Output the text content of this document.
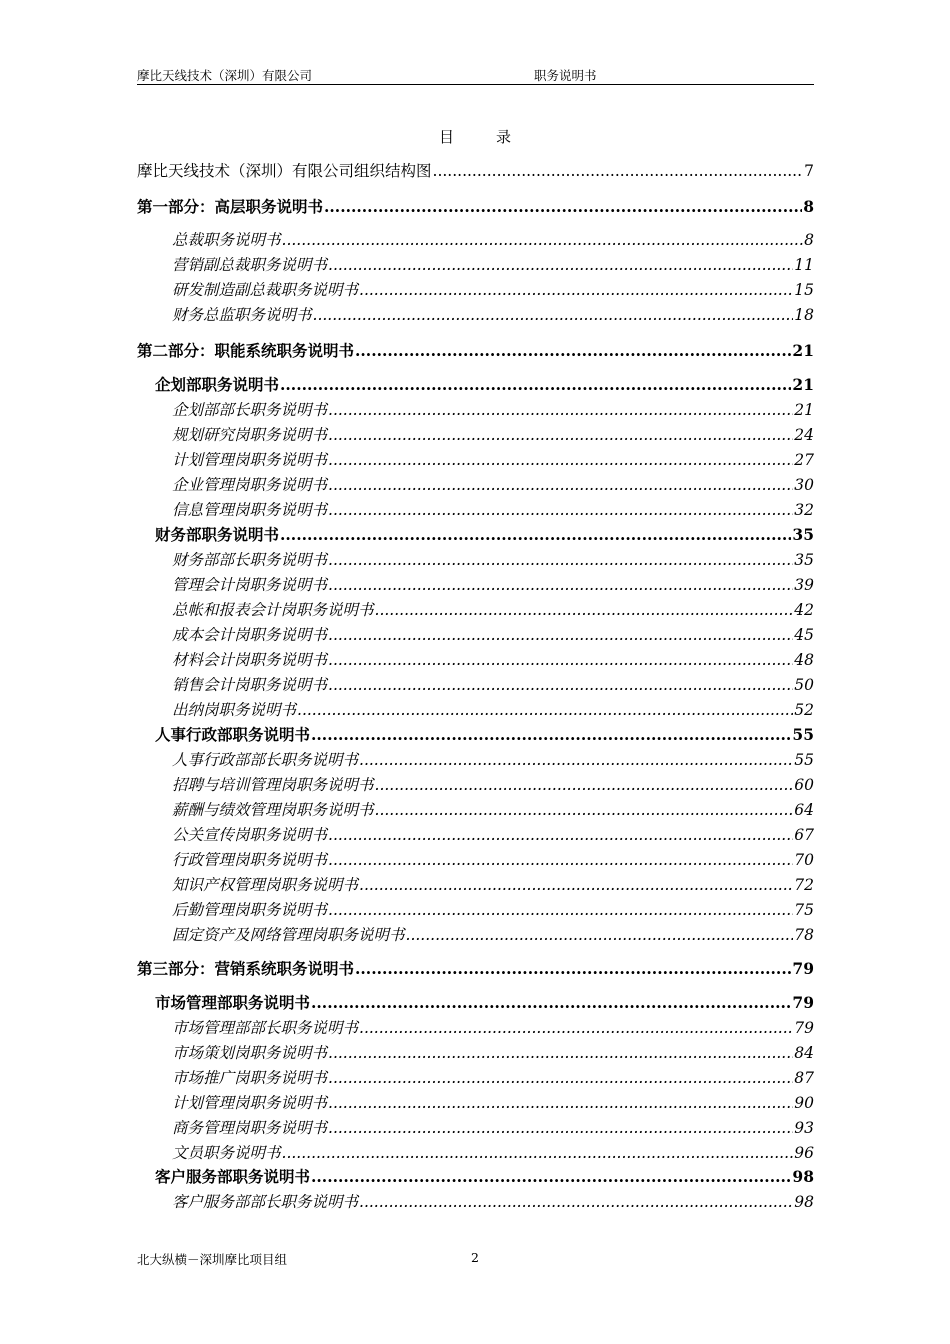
摩比天线技术（深圳）有限公司	职务说明书
目	录
摩比天线技术（深圳）有限公司组织结构图 .....	7
第一部分：高层职务说明书 .....	8
总裁职务说明书 .....	8
营销副总裁职务说明书 .....	11
研发制造副总裁职务说明书 .....	15
财务总监职务说明书 .....	18
第二部分：职能系统职务说明书 .....	21
企划部职务说明书 .....	21
企划部部长职务说明书 .....	21
规划研究岗职务说明书 .....	24
计划管理岗职务说明书 .....	27
企业管理岗职务说明书 .....	30
信息管理岗职务说明书 .....	32
财务部职务说明书 .....	35
财务部部长职务说明书 .....	35
管理会计岗职务说明书 .....	39
总帐和报表会计岗职务说明书 .....	42
成本会计岗职务说明书 .....	45
材料会计岗职务说明书 .....	48
销售会计岗职务说明书 .....	50
出纳岗职务说明书 .....	52
人事行政部职务说明书 .....	55
人事行政部部长职务说明书 .....	55
招聘与培训管理岗职务说明书 .....	60
薪酬与绩效管理岗职务说明书 .....	64
公关宣传岗职务说明书 .....	67
行政管理岗职务说明书 .....	70
知识产权管理岗职务说明书 .....	72
后勤管理岗职务说明书 .....	75
固定资产及网络管理岗职务说明书 .....	78
第三部分：营销系统职务说明书 .....	79
市场管理部职务说明书 .....	79
市场管理部部长职务说明书 .....	79
市场策划岗职务说明书 .....	84
市场推广岗职务说明书 .....	87
计划管理岗职务说明书 .....	90
商务管理岗职务说明书 .....	93
文员职务说明书 .....	96
客户服务部职务说明书 .....	98
客户服务部部长职务说明书 .....	98
北大纵横－深圳摩比项目组	2
